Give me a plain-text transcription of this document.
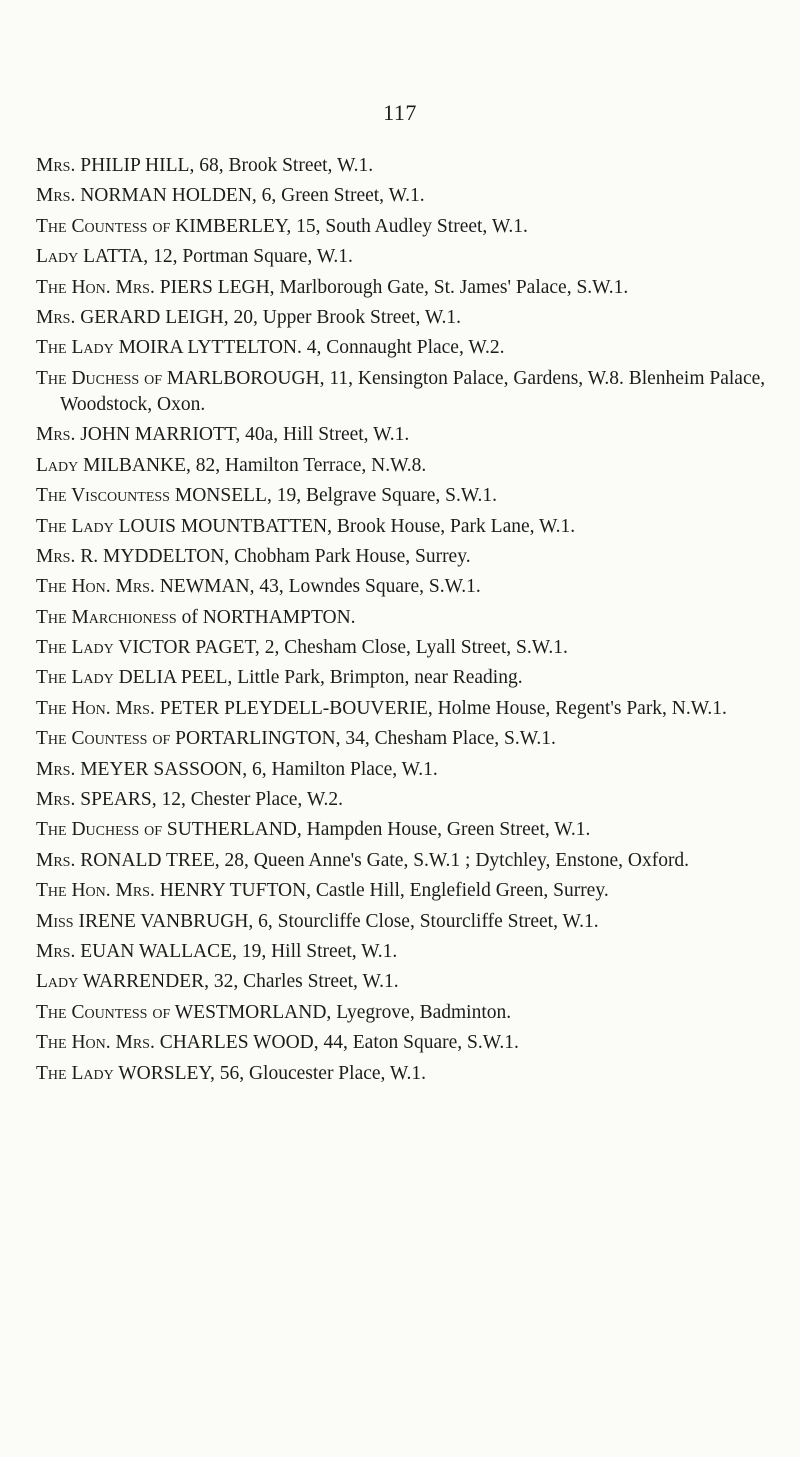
117
Mrs. PHILIP HILL, 68, Brook Street, W.1.
Mrs. NORMAN HOLDEN, 6, Green Street, W.1.
The Countess of KIMBERLEY, 15, South Audley Street, W.1.
Lady LATTA, 12, Portman Square, W.1.
The Hon. Mrs. PIERS LEGH, Marlborough Gate, St. James' Palace, S.W.1.
Mrs. GERARD LEIGH, 20, Upper Brook Street, W.1.
The Lady MOIRA LYTTELTON. 4, Connaught Place, W.2.
The Duchess of MARLBOROUGH, 11, Kensington Palace, Gardens, W.8. Blenheim Palace, Woodstock, Oxon.
Mrs. JOHN MARRIOTT, 40a, Hill Street, W.1.
Lady MILBANKE, 82, Hamilton Terrace, N.W.8.
The Viscountess MONSELL, 19, Belgrave Square, S.W.1.
The Lady LOUIS MOUNTBATTEN, Brook House, Park Lane, W.1.
Mrs. R. MYDDELTON, Chobham Park House, Surrey.
The Hon. Mrs. NEWMAN, 43, Lowndes Square, S.W.1.
The Marchioness of NORTHAMPTON.
The Lady VICTOR PAGET, 2, Chesham Close, Lyall Street, S.W.1.
The Lady DELIA PEEL, Little Park, Brimpton, near Reading.
The Hon. Mrs. PETER PLEYDELL-BOUVERIE, Holme House, Regent's Park, N.W.1.
The Countess of PORTARLINGTON, 34, Chesham Place, S.W.1.
Mrs. MEYER SASSOON, 6, Hamilton Place, W.1.
Mrs. SPEARS, 12, Chester Place, W.2.
The Duchess of SUTHERLAND, Hampden House, Green Street, W.1.
Mrs. RONALD TREE, 28, Queen Anne's Gate, S.W.1 ; Dytchley, Enstone, Oxford.
The Hon. Mrs. HENRY TUFTON, Castle Hill, Englefield Green, Surrey.
Miss IRENE VANBRUGH, 6, Stourcliffe Close, Stourcliffe Street, W.1.
Mrs. EUAN WALLACE, 19, Hill Street, W.1.
Lady WARRENDER, 32, Charles Street, W.1.
The Countess of WESTMORLAND, Lyegrove, Badminton.
The Hon. Mrs. CHARLES WOOD, 44, Eaton Square, S.W.1.
The Lady WORSLEY, 56, Gloucester Place, W.1.
